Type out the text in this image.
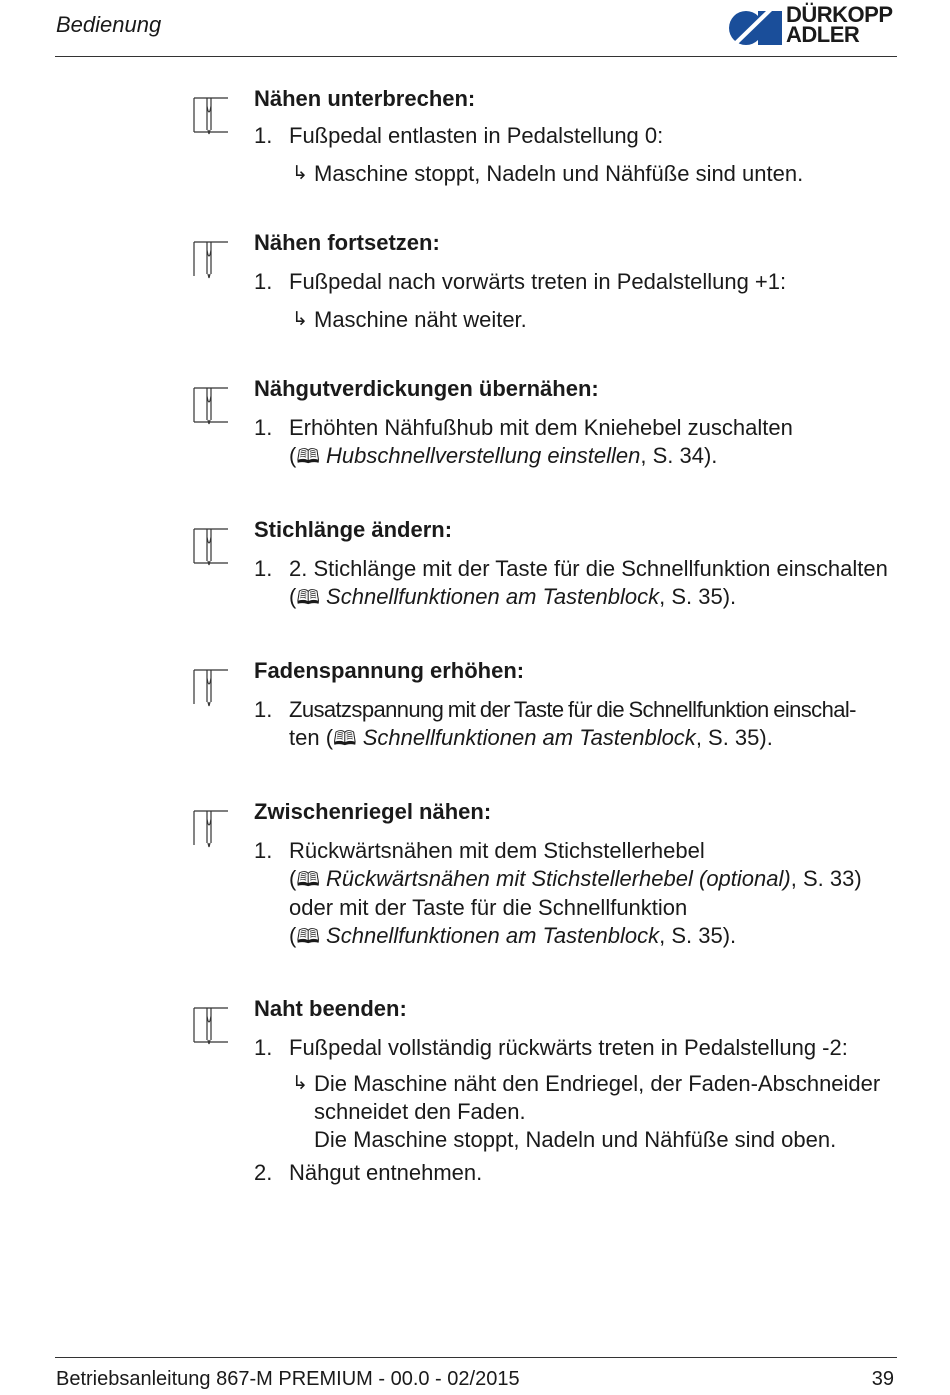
Bedienung	DÜRKOPP
ADLER
Nähen unterbrechen:
1. Fußpedal entlasten in Pedalstellung 0:
↳ Maschine stoppt, Nadeln und Nähfüße sind unten.
Nähen fortsetzen:
1. Fußpedal nach vorwärts treten in Pedalstellung +1:
↳ Maschine näht weiter.
Nähgutverdickungen übernähen:
1. Erhöhten Nähfußhub mit dem Kniehebel zuschalten
(🕮 Hubschnellverstellung einstellen, S. 34).
Stichlänge ändern:
1. 2. Stichlänge mit der Taste für die Schnellfunktion einschalten
(🕮 Schnellfunktionen am Tastenblock, S. 35).
Fadenspannung erhöhen:
1. Zusatzspannung mit der Taste für die Schnellfunktion einschal-
ten (🕮 Schnellfunktionen am Tastenblock, S. 35).
Zwischenriegel nähen:
1. Rückwärtsnähen mit dem Stichstellerhebel
(🕮 Rückwärtsnähen mit Stichstellerhebel (optional), S. 33)
oder mit der Taste für die Schnellfunktion
(🕮 Schnellfunktionen am Tastenblock, S. 35).
Naht beenden:
1. Fußpedal vollständig rückwärts treten in Pedalstellung -2:
↳ Die Maschine näht den Endriegel, der Faden-Abschneider
schneidet den Faden.
Die Maschine stoppt, Nadeln und Nähfüße sind oben.
2. Nähgut entnehmen.
Betriebsanleitung 867-M PREMIUM - 00.0 - 02/2015	39
